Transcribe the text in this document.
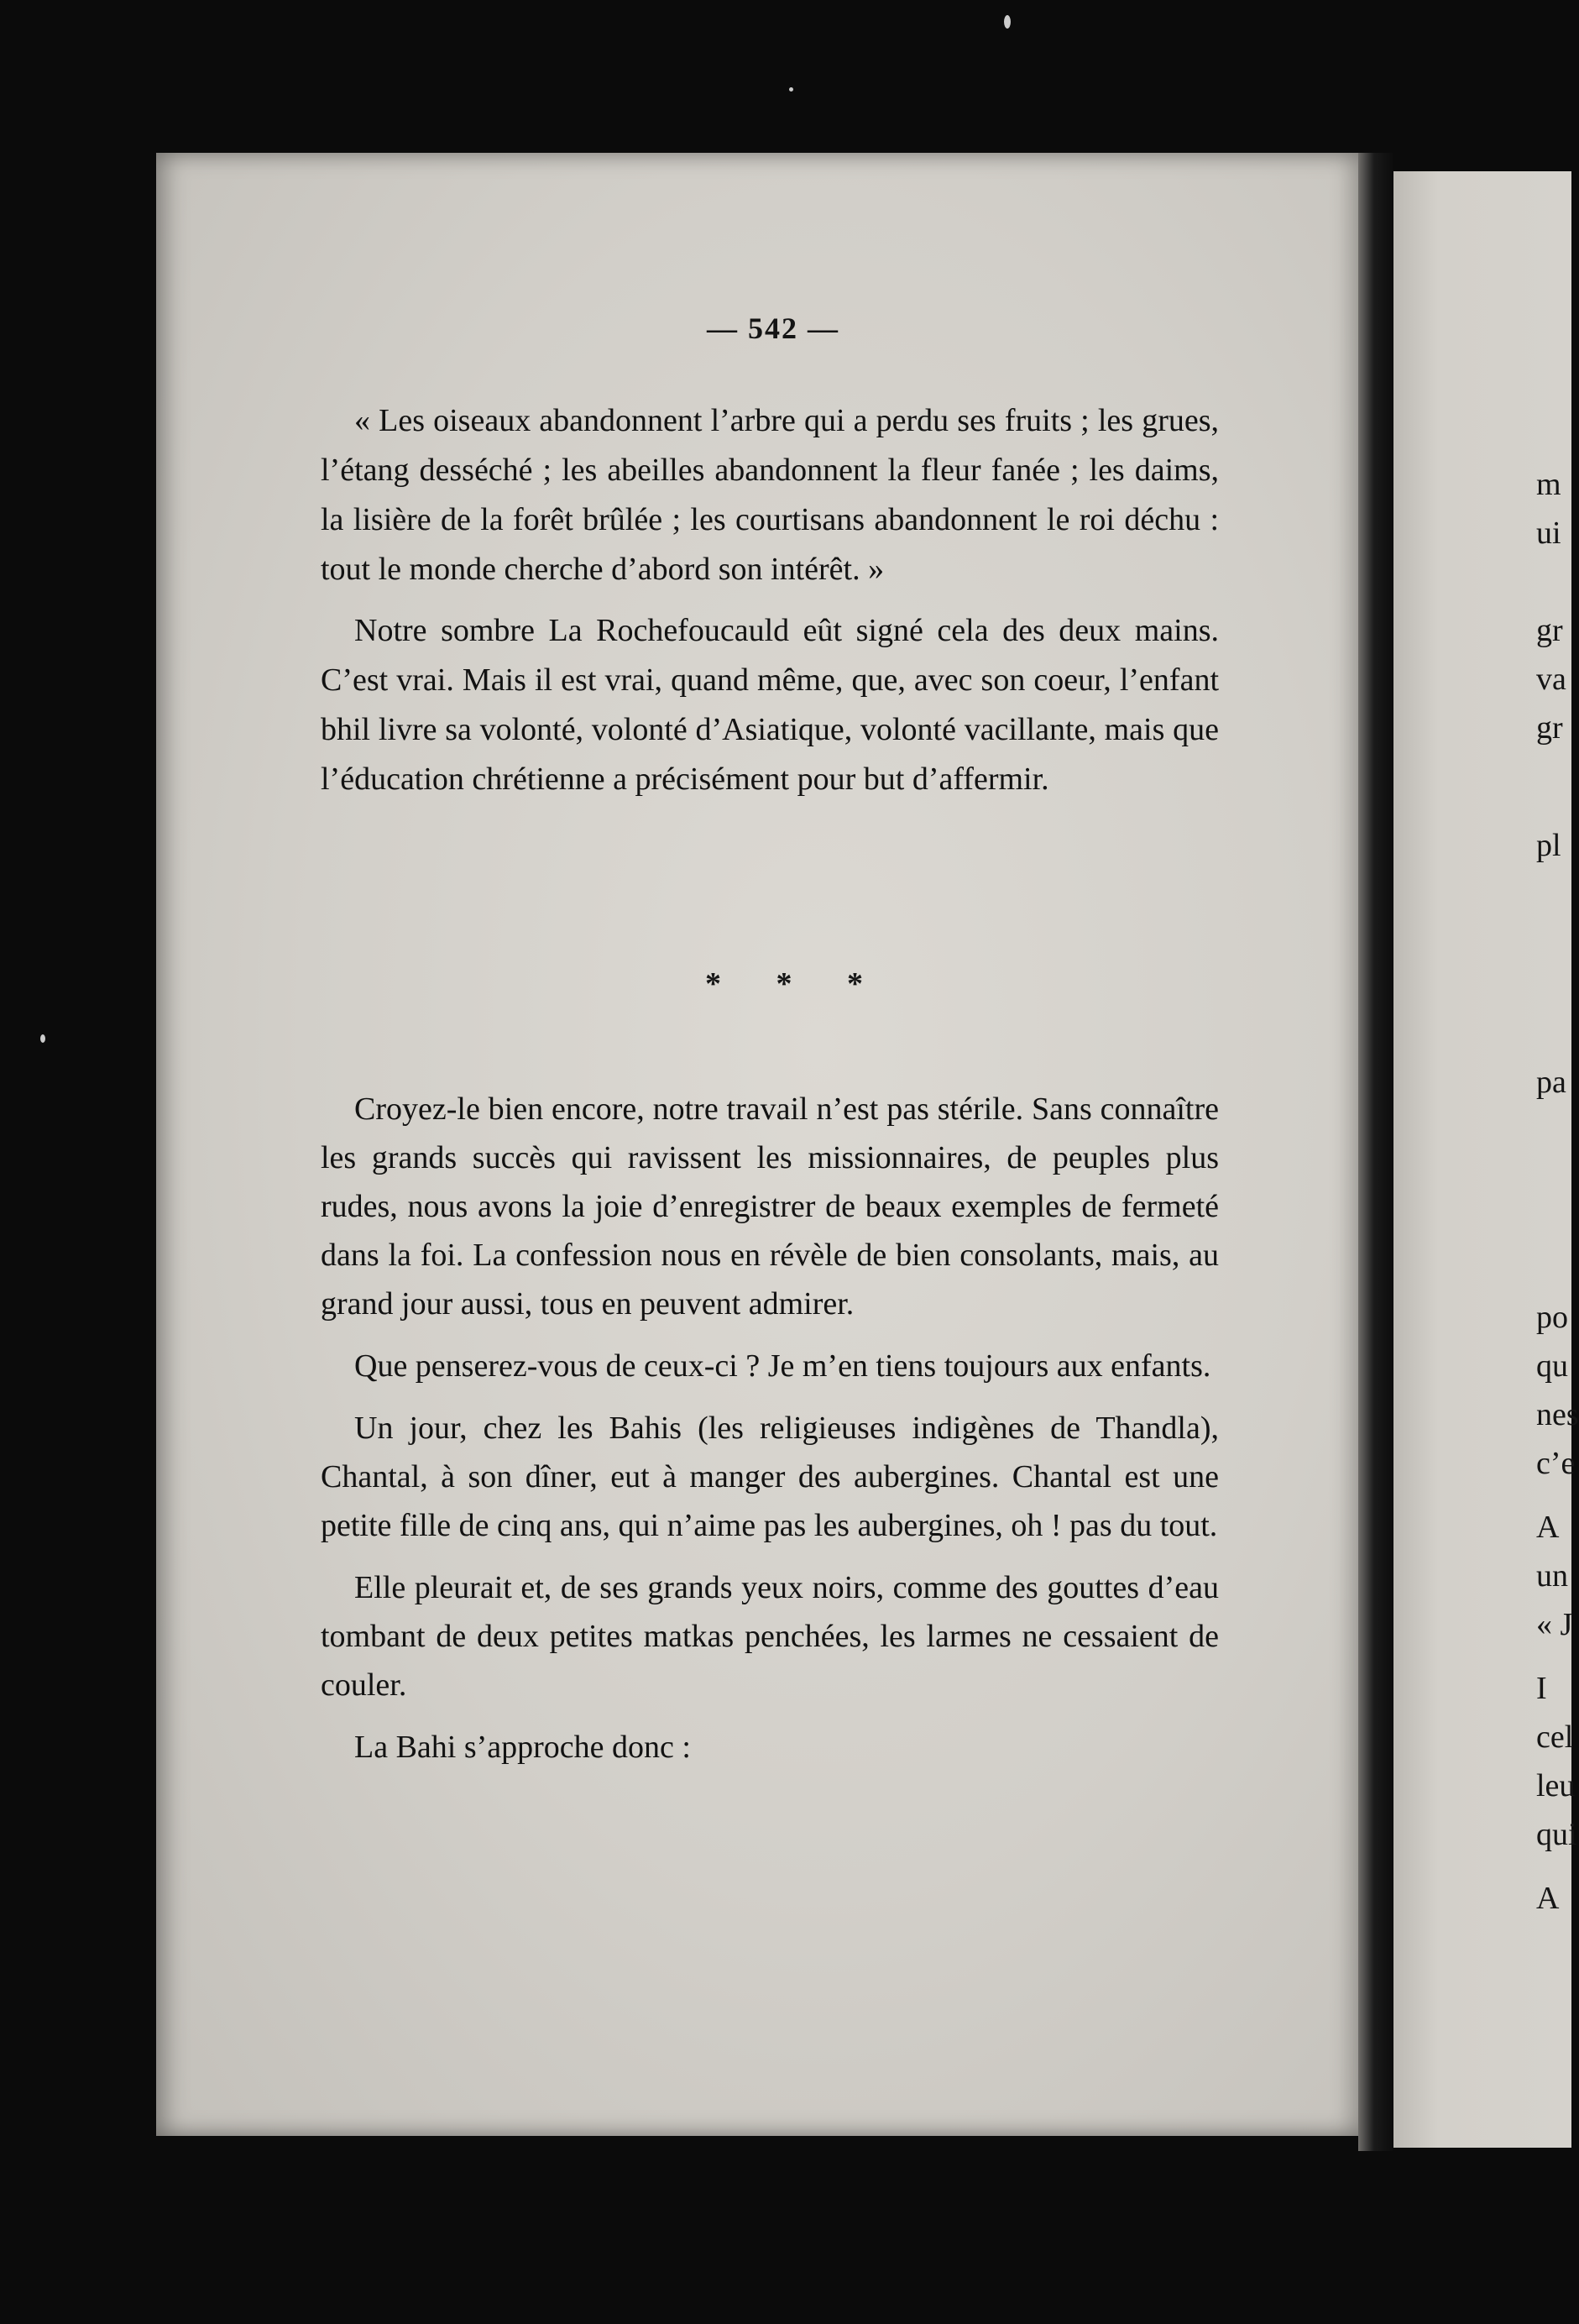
— 542 —

« Les oiseaux abandonnent l’arbre qui a perdu ses fruits ; les grues, l’étang desséché ; les abeilles abandonnent la fleur fanée ; les daims, la lisière de la forêt brûlée ; les courtisans abandonnent le roi déchu : tout le monde cherche d’abord son intérêt. »

Notre sombre La Rochefoucauld eût signé cela des deux mains. C’est vrai. Mais il est vrai, quand même, que, avec son coeur, l’enfant bhil livre sa volonté, volonté d’Asiatique, volonté vacillante, mais que l’éducation chrétienne a précisément pour but d’affermir.

* * *

Croyez-le bien encore, notre travail n’est pas stérile. Sans connaître les grands succès qui ravissent les missionnaires, de peuples plus rudes, nous avons la joie d’enregistrer de beaux exemples de fermeté dans la foi. La confession nous en révèle de bien consolants, mais, au grand jour aussi, tous en peuvent admirer.

Que penserez-vous de ceux-ci ? Je m’en tiens toujours aux enfants.

Un jour, chez les Bahis (les religieuses indigènes de Thandla), Chantal, à son dîner, eut à manger des aubergines. Chantal est une petite fille de cinq ans, qui n’aime pas les aubergines, oh ! pas du tout.

Elle pleurait et, de ses grands yeux noirs, comme des gouttes d’eau tombant de deux petites matkas penchées, les larmes ne cessaient de couler.

La Bahi s’approche donc :

m
ui
gr
va
gr
pl
pa
po
qu
nes
c’e
A
un
« J
I
cel
leu
qui
A
